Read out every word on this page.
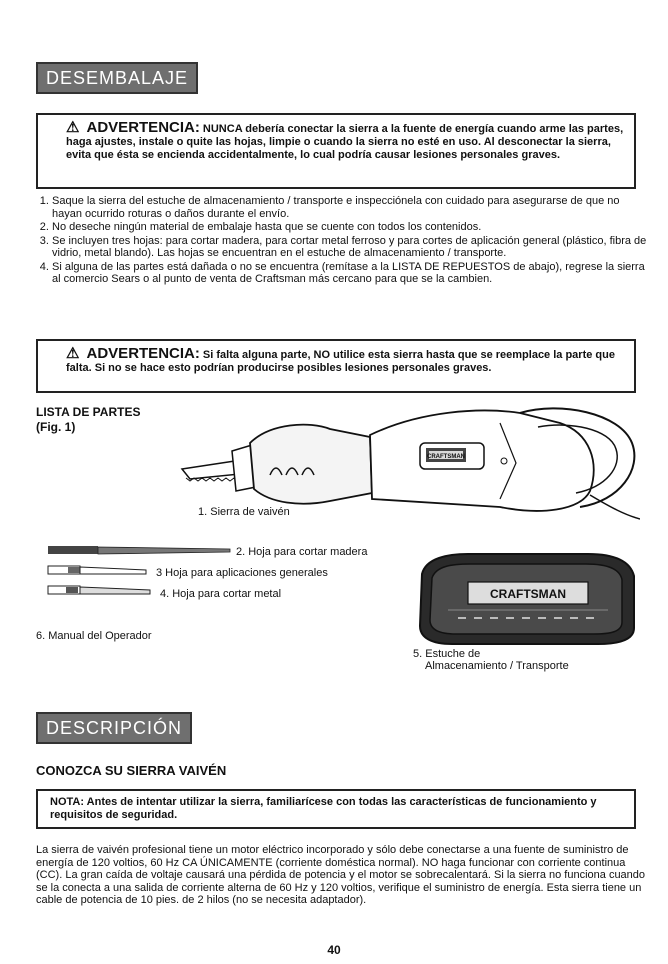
DESEMBALAJE
⚠ ADVERTENCIA: NUNCA debería conectar la sierra a la fuente de energía cuando arme las partes, haga ajustes, instale o quite las hojas, limpie o cuando la sierra no esté en uso. Al desconectar la sierra, evita que ésta se encienda accidentalmente, lo cual podría causar lesiones personales graves.
1. Saque la sierra del estuche de almacenamiento / transporte e inspecciónela con cuidado para asegurarse de que no hayan ocurrido roturas o daños durante el envío.
2. No deseche ningún material de embalaje hasta que se cuente con todos los contenidos.
3. Se incluyen tres hojas: para cortar madera, para cortar metal ferroso y para cortes de aplicación general (plástico, fibra de vidrio, metal blando). Las hojas se encuentran en el estuche de almacenamiento / transporte.
4. Si alguna de las partes está dañada o no se encuentra (remítase a la LISTA DE REPUESTOS de abajo), regrese la sierra al comercio Sears o al punto de venta de Craftsman más cercano para que se la cambien.
⚠ ADVERTENCIA: Si falta alguna parte, NO utilice esta sierra hasta que se reemplace la parte que falta. Si no se hace esto podrían producirse posibles lesiones personales graves.
LISTA DE PARTES
(Fig. 1)
CRAFTSMAN
1. Sierra de vaivén
2. Hoja para cortar madera
3 Hoja para aplicaciones generales
4. Hoja para cortar metal
6. Manual del Operador
CRAFTSMAN
5. Estuche de
Almacenamiento / Transporte
DESCRIPCIÓN
CONOZCA SU SIERRA VAIVÉN
NOTA: Antes de intentar utilizar la sierra, familiarícese con todas las características de funcionamiento y requisitos de seguridad.

La sierra de vaivén profesional tiene un motor eléctrico incorporado y sólo debe conectarse a una fuente de suministro de energía de 120 voltios, 60 Hz CA ÚNICAMENTE (corriente doméstica normal). NO haga funcionar con corriente continua (CC). La gran caída de voltaje causará una pérdida de potencia y el motor se sobrecalentará. Si la sierra no funciona cuando se la conecta a una salida de corriente alterna de 60 Hz y 120 voltios, verifique el suministro de energía. Esta sierra tiene un cable de potencia de 10 pies. de 2 hilos (no se necesita adaptador).

40
